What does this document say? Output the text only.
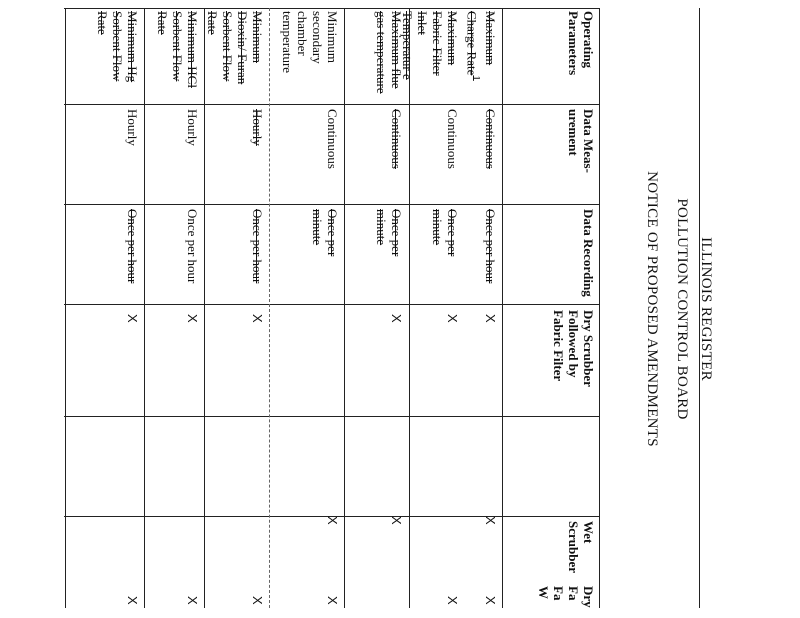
ILLINOIS REGISTER
POLLUTION CONTROL BOARD
NOTICE OF PROPOSED AMENDMENTS
Operating Parameters
Data Meas-urement
Data Recording
Dry Scrubber Followed by Fabric Filter
Wet Scrubber
Dry Fa Fa W
Maximum Charge Rate$^1$
Continuous
Once per hour
X
X
X
Maximum Fabric Filter Inlet Temperatur e
Continuous
Once per minute
X
X
Maximum flue gas temperature
Continuous
Once per minute
X
X
Minimum secondary chamber temperature
Continuous
Once per minute
X
X
Minimum Dioxin/ Furan Sorbent Flow Rate
Hourly
Once per hour
X
X
Minimum HCl Sorbent Flow Rate
Hourly
Once per hour
X
X
Minimum Hg Sorbent Flow Rate
Hourly
Once per hour
X
X
